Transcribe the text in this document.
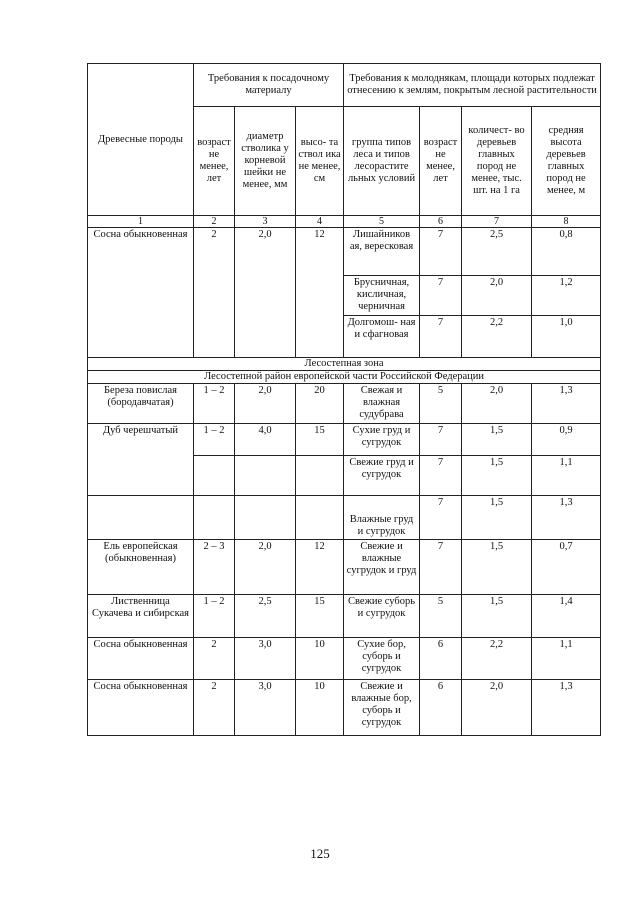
Древесные породы	Требования к посадочному материалу			Требования к молоднякам, площади которых подлежат отнесению к землям, покрытым лесной растительности			
	возраст не менее, лет	диаметр стволика у корневой шейки не менее, мм	высо- та ствол ика не менее, см	группа типов леса и типов лесорастите льных условий	возраст не менее, лет	количест- во деревьев главных пород не менее, тыс. шт. на 1 га	средняя высота деревьев главных пород не менее, м
1	2	3	4	5	6	7	8
Сосна обыкновенная	2	2,0	12	Лишайников ая, вересковая	7	2,5	0,8
				Брусничная, кисличная, черничная	7	2,0	1,2
				Долгомош- ная и сфагновая	7	2,2	1,0
Лесостепная зона							
Лесостепной район европейской части Российской Федерации							
Береза повислая (бородавчатая)	1 – 2	2,0	20	Свежая и влажная судубрава	5	2,0	1,3
Дуб черешчатый	1 – 2	4,0	15	Сухие груд и сугрудок	7	1,5	0,9
				Свежие груд и сугрудок	7	1,5	1,1
				Влажные груд и сугрудок	7	1,5	1,3
Ель европейская (обыкновенная)	2 – 3	2,0	12	Свежие и влажные сугрудок и груд	7	1,5	0,7
Лиственница Сукачева и сибирская	1 – 2	2,5	15	Свежие суборь и сугрудок	5	1,5	1,4
Сосна обыкновенная	2	3,0	10	Сухие бор, суборь и сугрудок	6	2,2	1,1
Сосна обыкновенная	2	3,0	10	Свежие и влажные бор, суборь и сугрудок	6	2,0	1,3
125
